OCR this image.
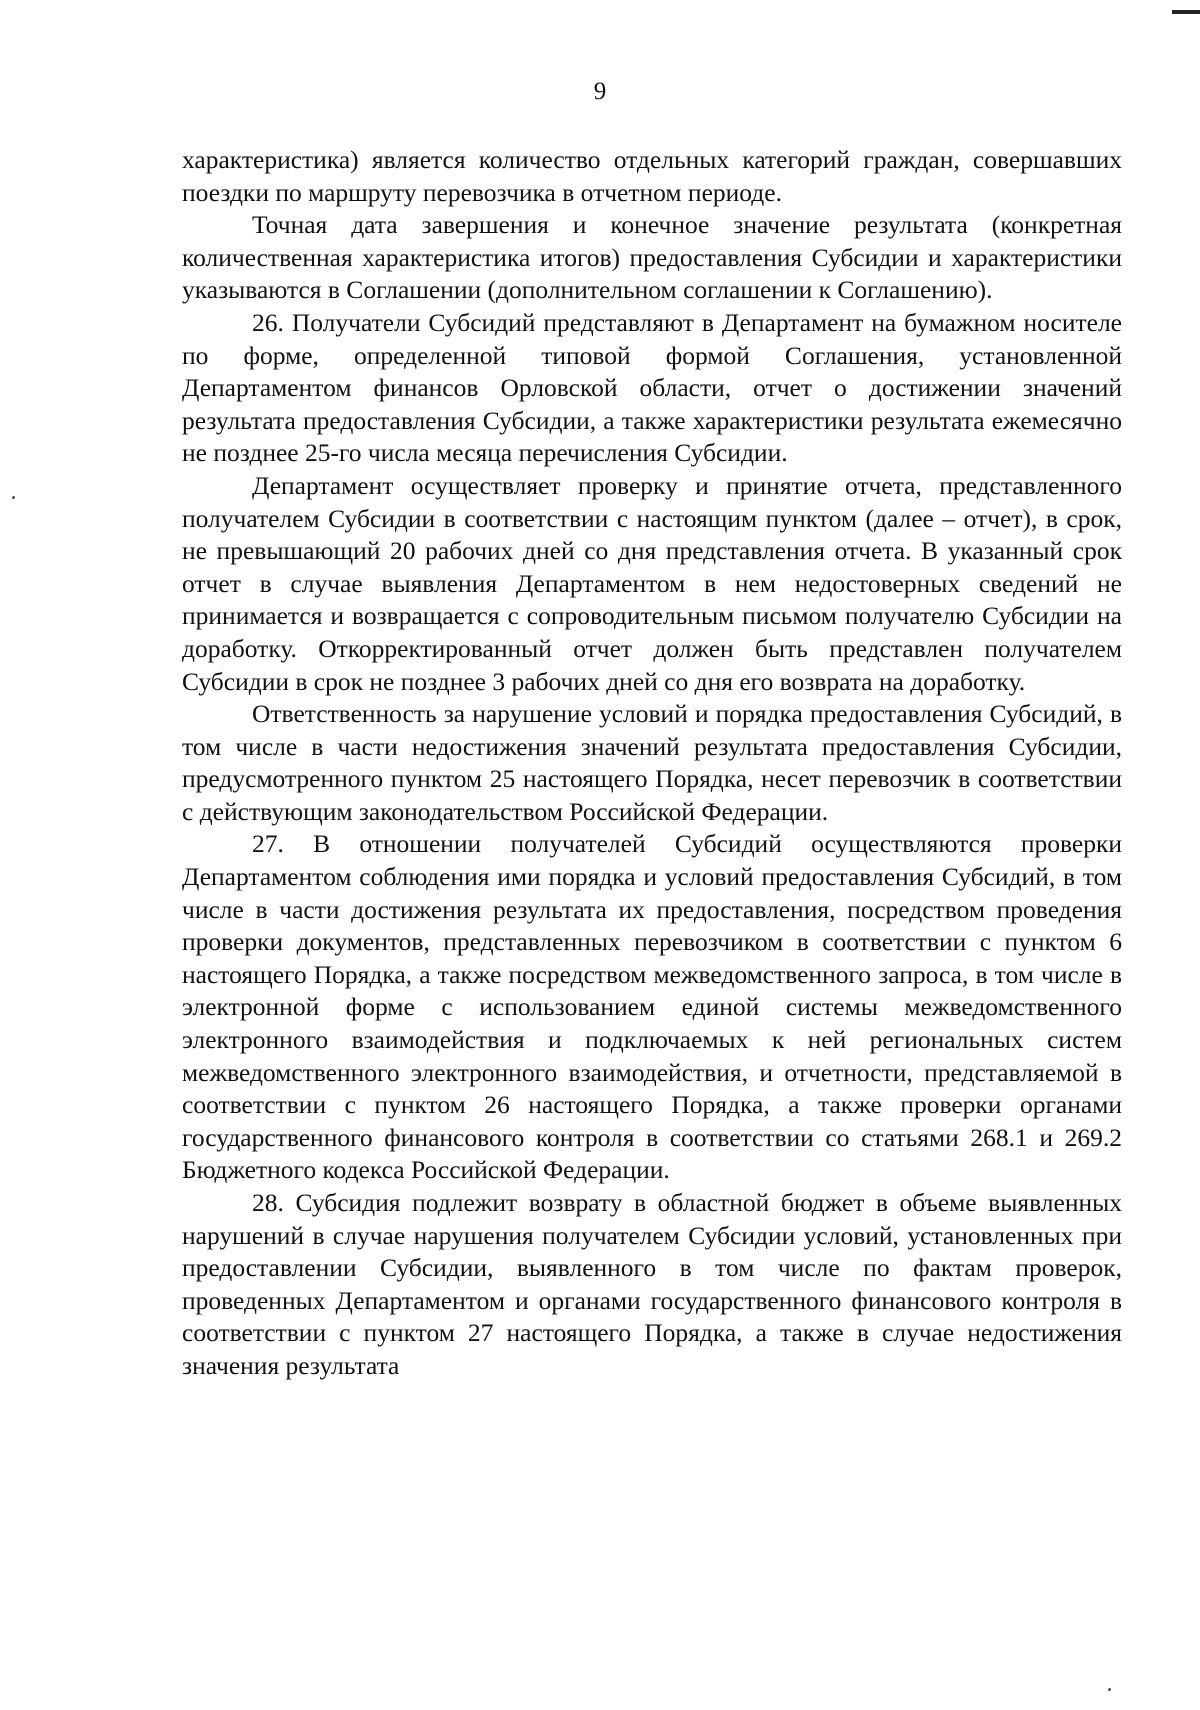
9

характеристика) является количество отдельных категорий граждан, совершавших поездки по маршруту перевозчика в отчетном периоде.

Точная дата завершения и конечное значение результата (конкретная количественная характеристика итогов) предоставления Субсидии и характеристики указываются в Соглашении (дополнительном соглашении к Соглашению).

26. Получатели Субсидий представляют в Департамент на бумажном носителе по форме, определенной типовой формой Соглашения, установленной Департаментом финансов Орловской области, отчет о достижении значений результата предоставления Субсидии, а также характеристики результата ежемесячно не позднее 25-го числа месяца перечисления Субсидии.

Департамент осуществляет проверку и принятие отчета, представленного получателем Субсидии в соответствии с настоящим пунктом (далее – отчет), в срок, не превышающий 20 рабочих дней со дня представления отчета. В указанный срок отчет в случае выявления Департаментом в нем недостоверных сведений не принимается и возвращается с сопроводительным письмом получателю Субсидии на доработку. Откорректированный отчет должен быть представлен получателем Субсидии в срок не позднее 3 рабочих дней со дня его возврата на доработку.

Ответственность за нарушение условий и порядка предоставления Субсидий, в том числе в части недостижения значений результата предоставления Субсидии, предусмотренного пунктом 25 настоящего Порядка, несет перевозчик в соответствии с действующим законодательством Российской Федерации.

27. В отношении получателей Субсидий осуществляются проверки Департаментом соблюдения ими порядка и условий предоставления Субсидий, в том числе в части достижения результата их предоставления, посредством проведения проверки документов, представленных перевозчиком в соответствии с пунктом 6 настоящего Порядка, а также посредством межведомственного запроса, в том числе в электронной форме с использованием единой системы межведомственного электронного взаимодействия и подключаемых к ней региональных систем межведомственного электронного взаимодействия, и отчетности, представляемой в соответствии с пунктом 26 настоящего Порядка, а также проверки органами государственного финансового контроля в соответствии со статьями 268.1 и 269.2 Бюджетного кодекса Российской Федерации.

28. Субсидия подлежит возврату в областной бюджет в объеме выявленных нарушений в случае нарушения получателем Субсидии условий, установленных при предоставлении Субсидии, выявленного в том числе по фактам проверок, проведенных Департаментом и органами государственного финансового контроля в соответствии с пунктом 27 настоящего Порядка, а также в случае недостижения значения результата
